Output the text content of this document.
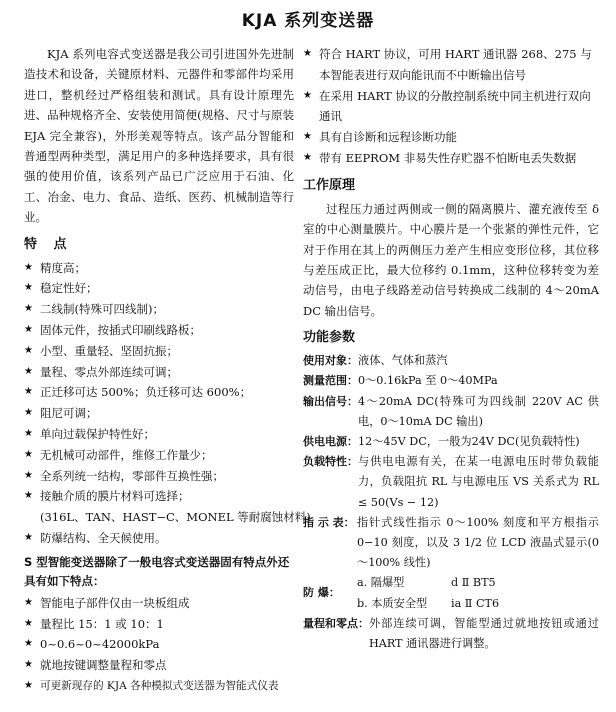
KJA 系列变送器

KJA 系列电容式变送器是我公司引进国外先进制造技术和设备，关键原材料、元器件和零部件均采用进口，整机经过严格组装和测试。具有设计原理先进、品种规格齐全、安装使用简便(规格、尺寸与原装 EJA 完全兼容)，外形美观等特点。该产品分智能和普通型两种类型，满足用户的多种选择要求，具有很强的使用价值，该系列产品已广泛应用于石油、化工、冶金、电力、食品、造纸、医药、机械制造等行业。

特 点
★ 精度高；
★ 稳定性好；
★ 二线制(特殊可四线制)；
★ 固体元件，按插式印刷线路板；
★ 小型、重量轻、坚固抗振；
★ 量程、零点外部连续可调；
★ 正迁移可达 500%；负迁移可达 600%；
★ 阻尼可调；
★ 单向过载保护特性好；
★ 无机械可动部件，维修工作量少；
★ 全系列统一结构，零部件互换性强；
★ 接触介质的膜片材料可选择；
(316L、TAN、HAST−C、MONEL 等耐腐蚀材料)
★ 防爆结构、全天候使用。
S 型智能变送器除了一般电容式变送器固有特点外还具有如下特点：
★ 智能电子部件仅由一块板组成
★ 量程比 15：1 或 10：1
★ 0~0.6~0~42000kPa
★ 就地按键调整量程和零点
★ 可更新现存的 KJA 各种模拟式变送器为智能式仪表
★ 符合 HART 协议，可用 HART 通讯器 268、275 与本智能表进行双向能讯而不中断输出信号
★ 在采用 HART 协议的分散控制系统中同主机进行双向通讯
★ 具有自诊断和远程诊断功能
★ 带有 EEPROM 非易失性存贮器不怕断电丢失数据
工作原理

过程压力通过两侧或一侧的隔离膜片、灌充液传至 δ 室的中心测量膜片。中心膜片是一个张紧的弹性元件，它对于作用在其上的两侧压力差产生相应变形位移，其位移与差压成正比，最大位移约 0.1mm，这种位移转变为差动信号，由电子线路差动信号转换成二线制的 4～20mA DC 输出信号。

功能参数
使用对象： 液体、气体和蒸汽
测量范围： 0～0.16kPa 至 0～40MPa
输出信号： 4～20mA DC(特殊可为四线制 220V AC 供电，0～10mA DC 输出)
供电电源： 12～45V DC，一般为24V DC(见负载特性)
负载特性： 与供电电源有关，在某一电源电压时带负载能力，负载阻抗 RL 与电源电压 VS 关系式为 RL ≤ 50(Vs − 12)
指 示 表： 指针式线性指示 0～100% 刻度和平方根指示 0−10 刻度，以及 3 1/2 位 LCD 液晶式显示(0～100% 线性)
防 爆：
a. 隔爆型	d Ⅱ BT5
b. 本质安全型	ia Ⅱ CT6
量程和零点： 外部连续可调，智能型通过就地按钮或通过 HART 通讯器进行调整。
